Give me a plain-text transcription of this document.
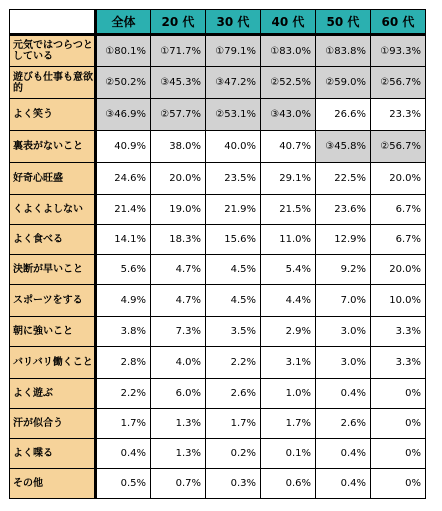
	全体	20 代	30 代	40 代	50 代	60 代
元気ではつらつとしている	①80.1%	①71.7%	①79.1%	①83.0%	①83.8%	①93.3%
遊びも仕事も意欲的	②50.2%	③45.3%	③47.2%	②52.5%	②59.0%	②56.7%
よく笑う	③46.9%	②57.7%	②53.1%	③43.0%	26.6%	23.3%
裏表がないこと	40.9%	38.0%	40.0%	40.7%	③45.8%	②56.7%
好奇心旺盛	24.6%	20.0%	23.5%	29.1%	22.5%	20.0%
くよくよしない	21.4%	19.0%	21.9%	21.5%	23.6%	6.7%
よく食べる	14.1%	18.3%	15.6%	11.0%	12.9%	6.7%
決断が早いこと	5.6%	4.7%	4.5%	5.4%	9.2%	20.0%
スポーツをする	4.9%	4.7%	4.5%	4.4%	7.0%	10.0%
朝に強いこと	3.8%	7.3%	3.5%	2.9%	3.0%	3.3%
バリバリ働くこと	2.8%	4.0%	2.2%	3.1%	3.0%	3.3%
よく遊ぶ	2.2%	6.0%	2.6%	1.0%	0.4%	0%
汗が似合う	1.7%	1.3%	1.7%	1.7%	2.6%	0%
よく喋る	0.4%	1.3%	0.2%	0.1%	0.4%	0%
その他	0.5%	0.7%	0.3%	0.6%	0.4%	0%
